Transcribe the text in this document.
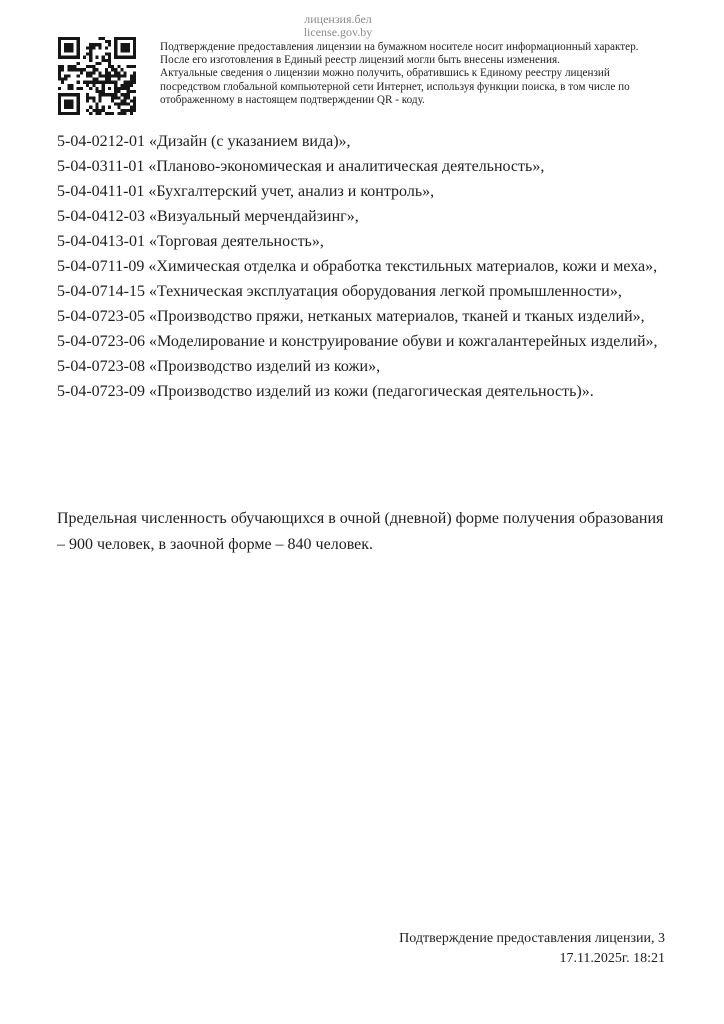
лицензия.бел
license.gov.by
Подтверждение предоставления лицензии на бумажном носителе носит информационный характер.
После его изготовления в Единый реестр лицензий могли быть внесены изменения.
Актуальные сведения о лицензии можно получить, обратившись к Единому реестру лицензий
посредством глобальной компьютерной сети Интернет, используя функции поиска, в том числе по
отображенному в настоящем подтверждении QR - коду.
5-04-0212-01 «Дизайн (с указанием вида)»,
5-04-0311-01 «Планово-экономическая и аналитическая деятельность»,
5-04-0411-01 «Бухгалтерский учет, анализ и контроль»,
5-04-0412-03 «Визуальный мерчендайзинг»,
5-04-0413-01 «Торговая деятельность»,
5-04-0711-09 «Химическая отделка и обработка текстильных материалов, кожи и меха»,
5-04-0714-15 «Техническая эксплуатация оборудования легкой промышленности»,
5-04-0723-05 «Производство пряжи, нетканых материалов, тканей и тканых изделий»,
5-04-0723-06 «Моделирование и конструирование обуви и кожгалантерейных изделий»,
5-04-0723-08 «Производство изделий из кожи»,
5-04-0723-09 «Производство изделий из кожи (педагогическая деятельность)».
Предельная численность обучающихся в очной (дневной) форме получения образования – 900 человек, в заочной форме – 840 человек.
Подтверждение предоставления лицензии, 3
17.11.2025г. 18:21
